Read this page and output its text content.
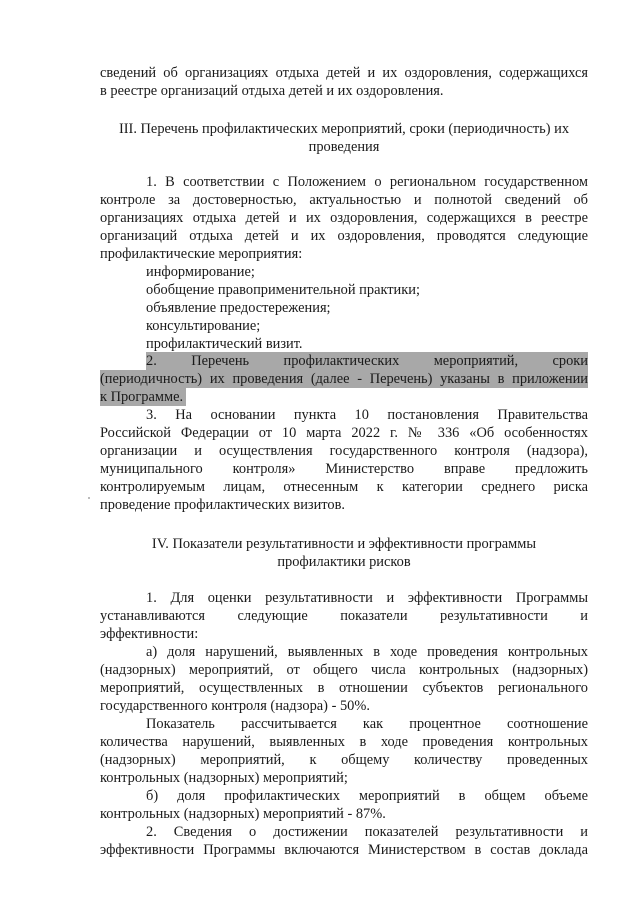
сведений об организациях отдыха детей и их оздоровления, содержащихся
в реестре организаций отдыха детей и их оздоровления.
III. Перечень профилактических мероприятий, сроки (периодичность) их
проведения
1. В соответствии с Положением о региональном государственном
контроле за достоверностью, актуальностью и полнотой сведений об
организациях отдыха детей и их оздоровления, содержащихся в реестре
организаций отдыха детей и их оздоровления, проводятся следующие
профилактические мероприятия:
информирование;
обобщение правоприменительной практики;
объявление предостережения;
консультирование;
профилактический визит.
2. Перечень профилактических мероприятий, сроки
(периодичность) их проведения (далее - Перечень) указаны в приложении
к Программе.
3. На основании пункта 10 постановления Правительства
Российской Федерации от 10 марта 2022 г. № 336 «Об особенностях
организации и осуществления государственного контроля (надзора),
муниципального контроля» Министерство вправе предложить
контролируемым лицам, отнесенным к категории среднего риска
проведение профилактических визитов.
IV. Показатели результативности и эффективности программы
профилактики рисков
1. Для оценки результативности и эффективности Программы
устанавливаются следующие показатели результативности и
эффективности:
а) доля нарушений, выявленных в ходе проведения контрольных
(надзорных) мероприятий, от общего числа контрольных (надзорных)
мероприятий, осуществленных в отношении субъектов регионального
государственного контроля (надзора) - 50%.
Показатель рассчитывается как процентное соотношение
количества нарушений, выявленных в ходе проведения контрольных
(надзорных) мероприятий, к общему количеству проведенных
контрольных (надзорных) мероприятий;
б) доля профилактических мероприятий в общем объеме
контрольных (надзорных) мероприятий - 87%.
2. Сведения о достижении показателей результативности и
эффективности Программы включаются Министерством в состав доклада
